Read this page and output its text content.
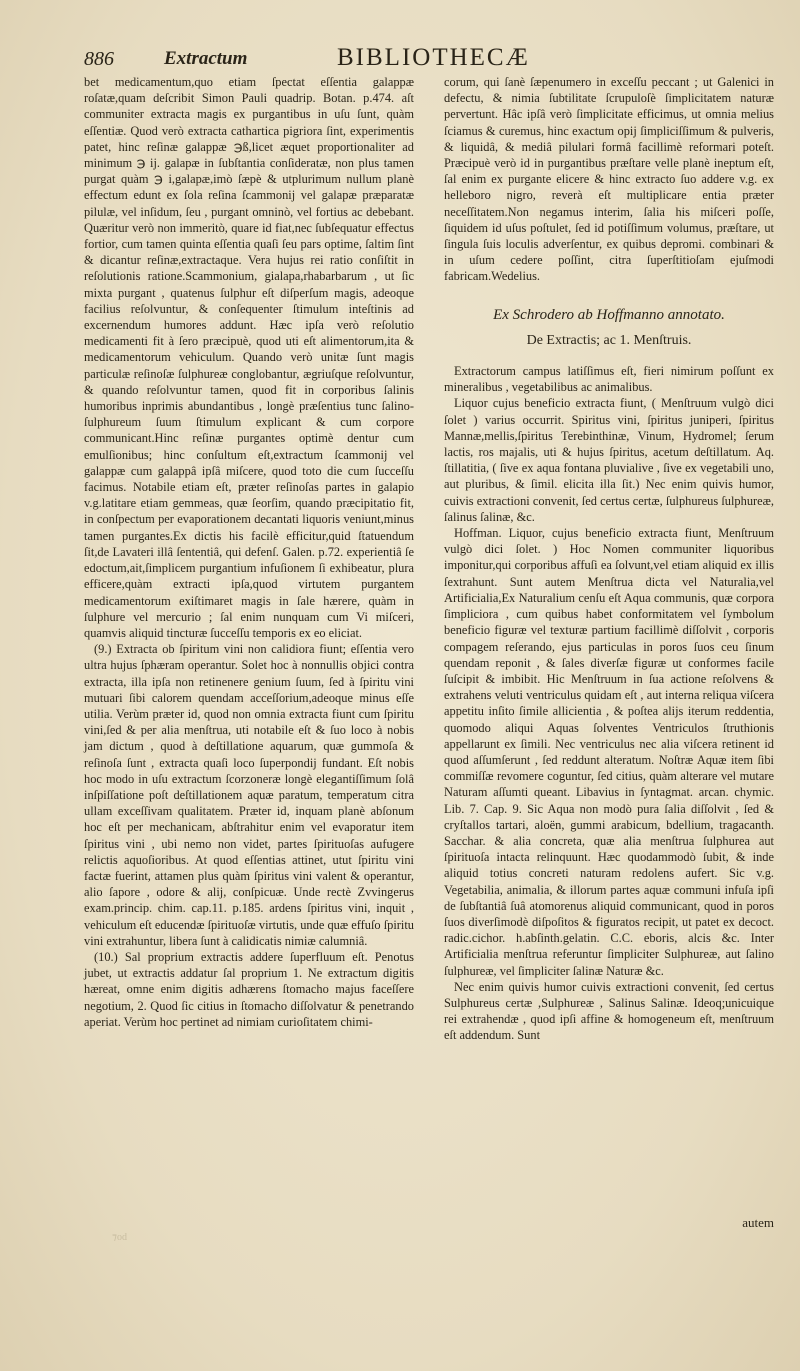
886	Extractum	BIBLIOTHECÆ

bet medicamentum,quo etiam ſpectat eſſentia galappæ roſatæ,quam deſcribit Simon Pauli quadrip. Botan. p.474. aſt communiter extracta magis ex purgantibus in uſu ſunt, quàm eſſentiæ. Quod verò extracta cathartica pigriora ſint, experimentis patet, hinc reſinæ galappæ ℈ß,licet æquet proportionaliter ad minimum ℈ ij. galapæ in ſubſtantia conſideratæ, non plus tamen purgat quàm ℈ i,galapæ,imò ſæpè & utplurimum nullum planè effectum edunt ex ſola reſina ſcammonij vel galapæ præparatæ pilulæ, vel inſidum, ſeu , purgant omninò, vel fortius ac debebant. Quæritur verò non immeritò, quare id fiat,nec ſubſequatur effectus fortior, cum tamen quinta eſſentia quaſi ſeu pars optime, ſaltim ſint & dicantur reſinæ,extractaque. Vera hujus rei ratio conſiſtit in reſolutionis ratione.Scammonium, gialapa,rhabarbarum , ut ſic mixta purgant , quatenus ſulphur eſt diſperſum magis, adeoque facilius reſolvuntur, & conſequenter ſtimulum inteſtinis ad excernendum humores addunt. Hæc ipſa verò reſolutio medicamenti fit à ſero præcipuè, quod uti eſt alimentorum,ita & medicamentorum vehiculum. Quando verò unitæ ſunt magis particulæ reſinoſæ ſulphureæ conglobantur, ægriuſque reſolvuntur, & quando reſolvuntur tamen, quod fit in corporibus ſalinis humoribus inprimis abundantibus , longè præſentius tunc ſalino-ſulphureum ſuum ſtimulum explicant & cum corpore communicant.Hinc reſinæ purgantes optimè dentur cum emulſionibus; hinc conſultum eſt,extractum ſcammonij vel galappæ cum galappâ ipſâ miſcere, quod toto die cum ſucceſſu facimus. Notabile etiam eſt, præter reſinoſas partes in galapio v.g.latitare etiam gemmeas, quæ ſeorſim, quando præcipitatio fit, in conſpectum per evaporationem decantati liquoris veniunt,minus tamen purgantes.Ex dictis his facilè efficitur,quid ſtatuendum ſit,de Lavateri illâ ſententiâ, qui defenſ. Galen. p.72. experientiâ ſe edoctum,ait,ſimplicem purgantium infuſionem ſi exhibeatur, plura efficere,quàm extracti ipſa,quod virtutem purgantem medicamentorum exiſtimaret magis in ſale hærere, quàm in ſulphure vel mercurio ; ſal enim nunquam cum Vi miſceri, quamvis aliquid tincturæ ſucceſſu temporis ex eo eliciat.

(9.) Extracta ob ſpiritum vini non calidiora fiunt; eſſentia vero ultra hujus ſphæram operantur. Solet hoc à nonnullis objici contra extracta, illa ipſa non retinenere genium ſuum, ſed à ſpiritu vini mutuari ſibi calorem quendam acceſſorium,adeoque minus eſſe utilia. Verùm præter id, quod non omnia extracta fiunt cum ſpiritu vini,ſed & per alia menſtrua, uti notabile eſt & ſuo loco à nobis jam dictum , quod à deſtillatione aquarum, quæ gummoſa & reſinoſa ſunt , extracta quaſi loco ſuperpondij fundant. Eſt nobis hoc modo in uſu extractum ſcorzoneræ longè elegantiſſimum ſolâ inſpiſſatione poſt deſtillationem aquæ paratum, temperatum citra ullam exceſſivam qualitatem. Præter id, inquam planè abſonum hoc eſt per mechanicam, abſtrahitur enim vel evaporatur item ſpiritus vini , ubi nemo non videt, partes ſpirituoſas aufugere relictis aquoſioribus. At quod eſſentias attinet, utut ſpiritu vini factæ fuerint, attamen plus quàm ſpiritus vini valent & operantur, alio ſapore , odore & alij, conſpicuæ. Unde rectè Zvvingerus exam.princip. chim. cap.11. p.185. ardens ſpiritus vini, inquit , vehiculum eſt educendæ ſpirituoſæ virtutis, unde quæ effuſo ſpiritu vini extrahuntur, libera ſunt à calidicatis nimiæ calumniâ.

(10.) Sal proprium extractis addere ſuperfluum eſt. Penotus jubet, ut extractis addatur ſal proprium 1. Ne extractum digitis hæreat, omne enim digitis adhærens ſtomacho majus faceſſere negotium, 2. Quod ſic citius in ſtomacho diſſolvatur & penetrando aperiat. Verùm hoc pertinet ad nimiam curioſitatem chimi-

corum, qui ſanè ſæpenumero in exceſſu peccant ; ut Galenici in defectu, & nimia ſubtilitate ſcrupuloſè ſimplicitatem naturæ pervertunt. Hâc ipſâ verò ſimplicitate efficimus, ut omnia melius ſciamus & curemus, hinc exactum opij ſimpliciſſimum & pulveris, & liquidâ, & mediâ pilulari formâ facillimè reformari poteſt. Præcipuè verò id in purgantibus præſtare velle planè ineptum eſt, ſal enim ex purgante elicere & hinc extracto ſuo addere v.g. ex helleboro nigro, reverà eſt multiplicare entia præter neceſſitatem.Non negamus interim, ſalia his miſceri poſſe, ſiquidem id uſus poſtulet, ſed id potiſſimum volumus, præſtare, ut ſingula ſuis loculis adverſentur, ex quibus depromi. combinari & in uſum cedere poſſint, citra ſuperſtitioſam ejuſmodi fabricam.Wedelius.

Ex Schrodero ab Hoffmanno annotato.
De Extractis; ac 1. Menſtruis.

Extractorum campus latiſſimus eſt, fieri nimirum poſſunt ex mineralibus , vegetabilibus ac animalibus.

Liquor cujus beneficio extracta fiunt, ( Menſtruum vulgò dici ſolet ) varius occurrit. Spiritus vini, ſpiritus juniperi, ſpiritus Mannæ,mellis,ſpiritus Terebinthinæ, Vinum, Hydromel; ſerum lactis, ros majalis, uti & hujus ſpiritus, acetum deſtillatum. Aq. ſtillatitia, ( ſive ex aqua fontana pluvialive , ſive ex vegetabili uno, aut pluribus, & ſimil. elicita illa ſit.) Nec enim quivis humor, cuivis extractioni convenit, ſed certus certæ, ſulphureus ſulphureæ, ſalinus ſalinæ, &c.

Hoffman. Liquor, cujus beneficio extracta fiunt, Menſtruum vulgò dici ſolet. ) Hoc Nomen communiter liquoribus imponitur,qui corporibus affuſi ea ſolvunt,vel etiam aliquid ex illis ſextrahunt. Sunt autem Menſtrua dicta vel Naturalia,vel Artificialia,Ex Naturalium cenſu eſt Aqua communis, quæ corpora ſimpliciora , cum quibus habet conformitatem vel ſymbolum beneficio figuræ vel texturæ partium facillimè diſſolvit , corporis compagem reſerando, ejus particulas in poros ſuos ceu ſinum quendam reponit , & ſales diverſæ figuræ ut conformes facile ſuſcipit & imbibit. Hic Menſtruum in ſua actione reſolvens & extrahens veluti ventriculus quidam eſt , aut interna reliqua viſcera appetitu inſito ſimile allicientia , & poſtea alijs iterum reddentia, quomodo aliqui Aquas ſolventes Ventriculos ſtruthionis appellarunt ex ſimili. Nec ventriculus nec alia viſcera retinent id quod aſſumſerunt , ſed reddunt alteratum. Noſtræ Aquæ item ſibi commiſſæ revomere coguntur, ſed citius, quàm alterare vel mutare Naturam aſſumti queant. Libavius in ſyntagmat. arcan. chymic. Lib. 7. Cap. 9. Sic Aqua non modò pura ſalia diſſolvit , ſed & cryſtallos tartari, aloën, gummi arabicum, bdellium, tragacanth. Sacchar. & alia concreta, quæ alia menſtrua ſulphurea aut ſpirituoſa intacta relinquunt. Hæc quodammodò ſubit, & inde aliquid totius concreti naturam redolens aufert. Sic v.g. Vegetabilia, animalia, & illorum partes aquæ communi infuſa ipſi de ſubſtantiâ ſuâ atomorenus aliquid communicant, quod in poros ſuos diverſimodè diſpoſitos & figuratos recipit, ut patet ex decoct. radic.cichor. h.abſinth.gelatin. C.C. eboris, alcis &c. Inter Artificialia menſtrua referuntur ſimpliciter Sulphureæ, aut ſalino ſulphureæ, vel ſimpliciter ſalinæ Naturæ &c.

Nec enim quivis humor cuivis extractioni convenit, ſed certus Sulphureus certæ ,Sulphureæ , Salinus Salinæ. Ideoq;unicuique rei extrahendæ , quod ipſi affine & homogeneum eſt, menſtruum eſt addendum. Sunt

autem
⁊od
